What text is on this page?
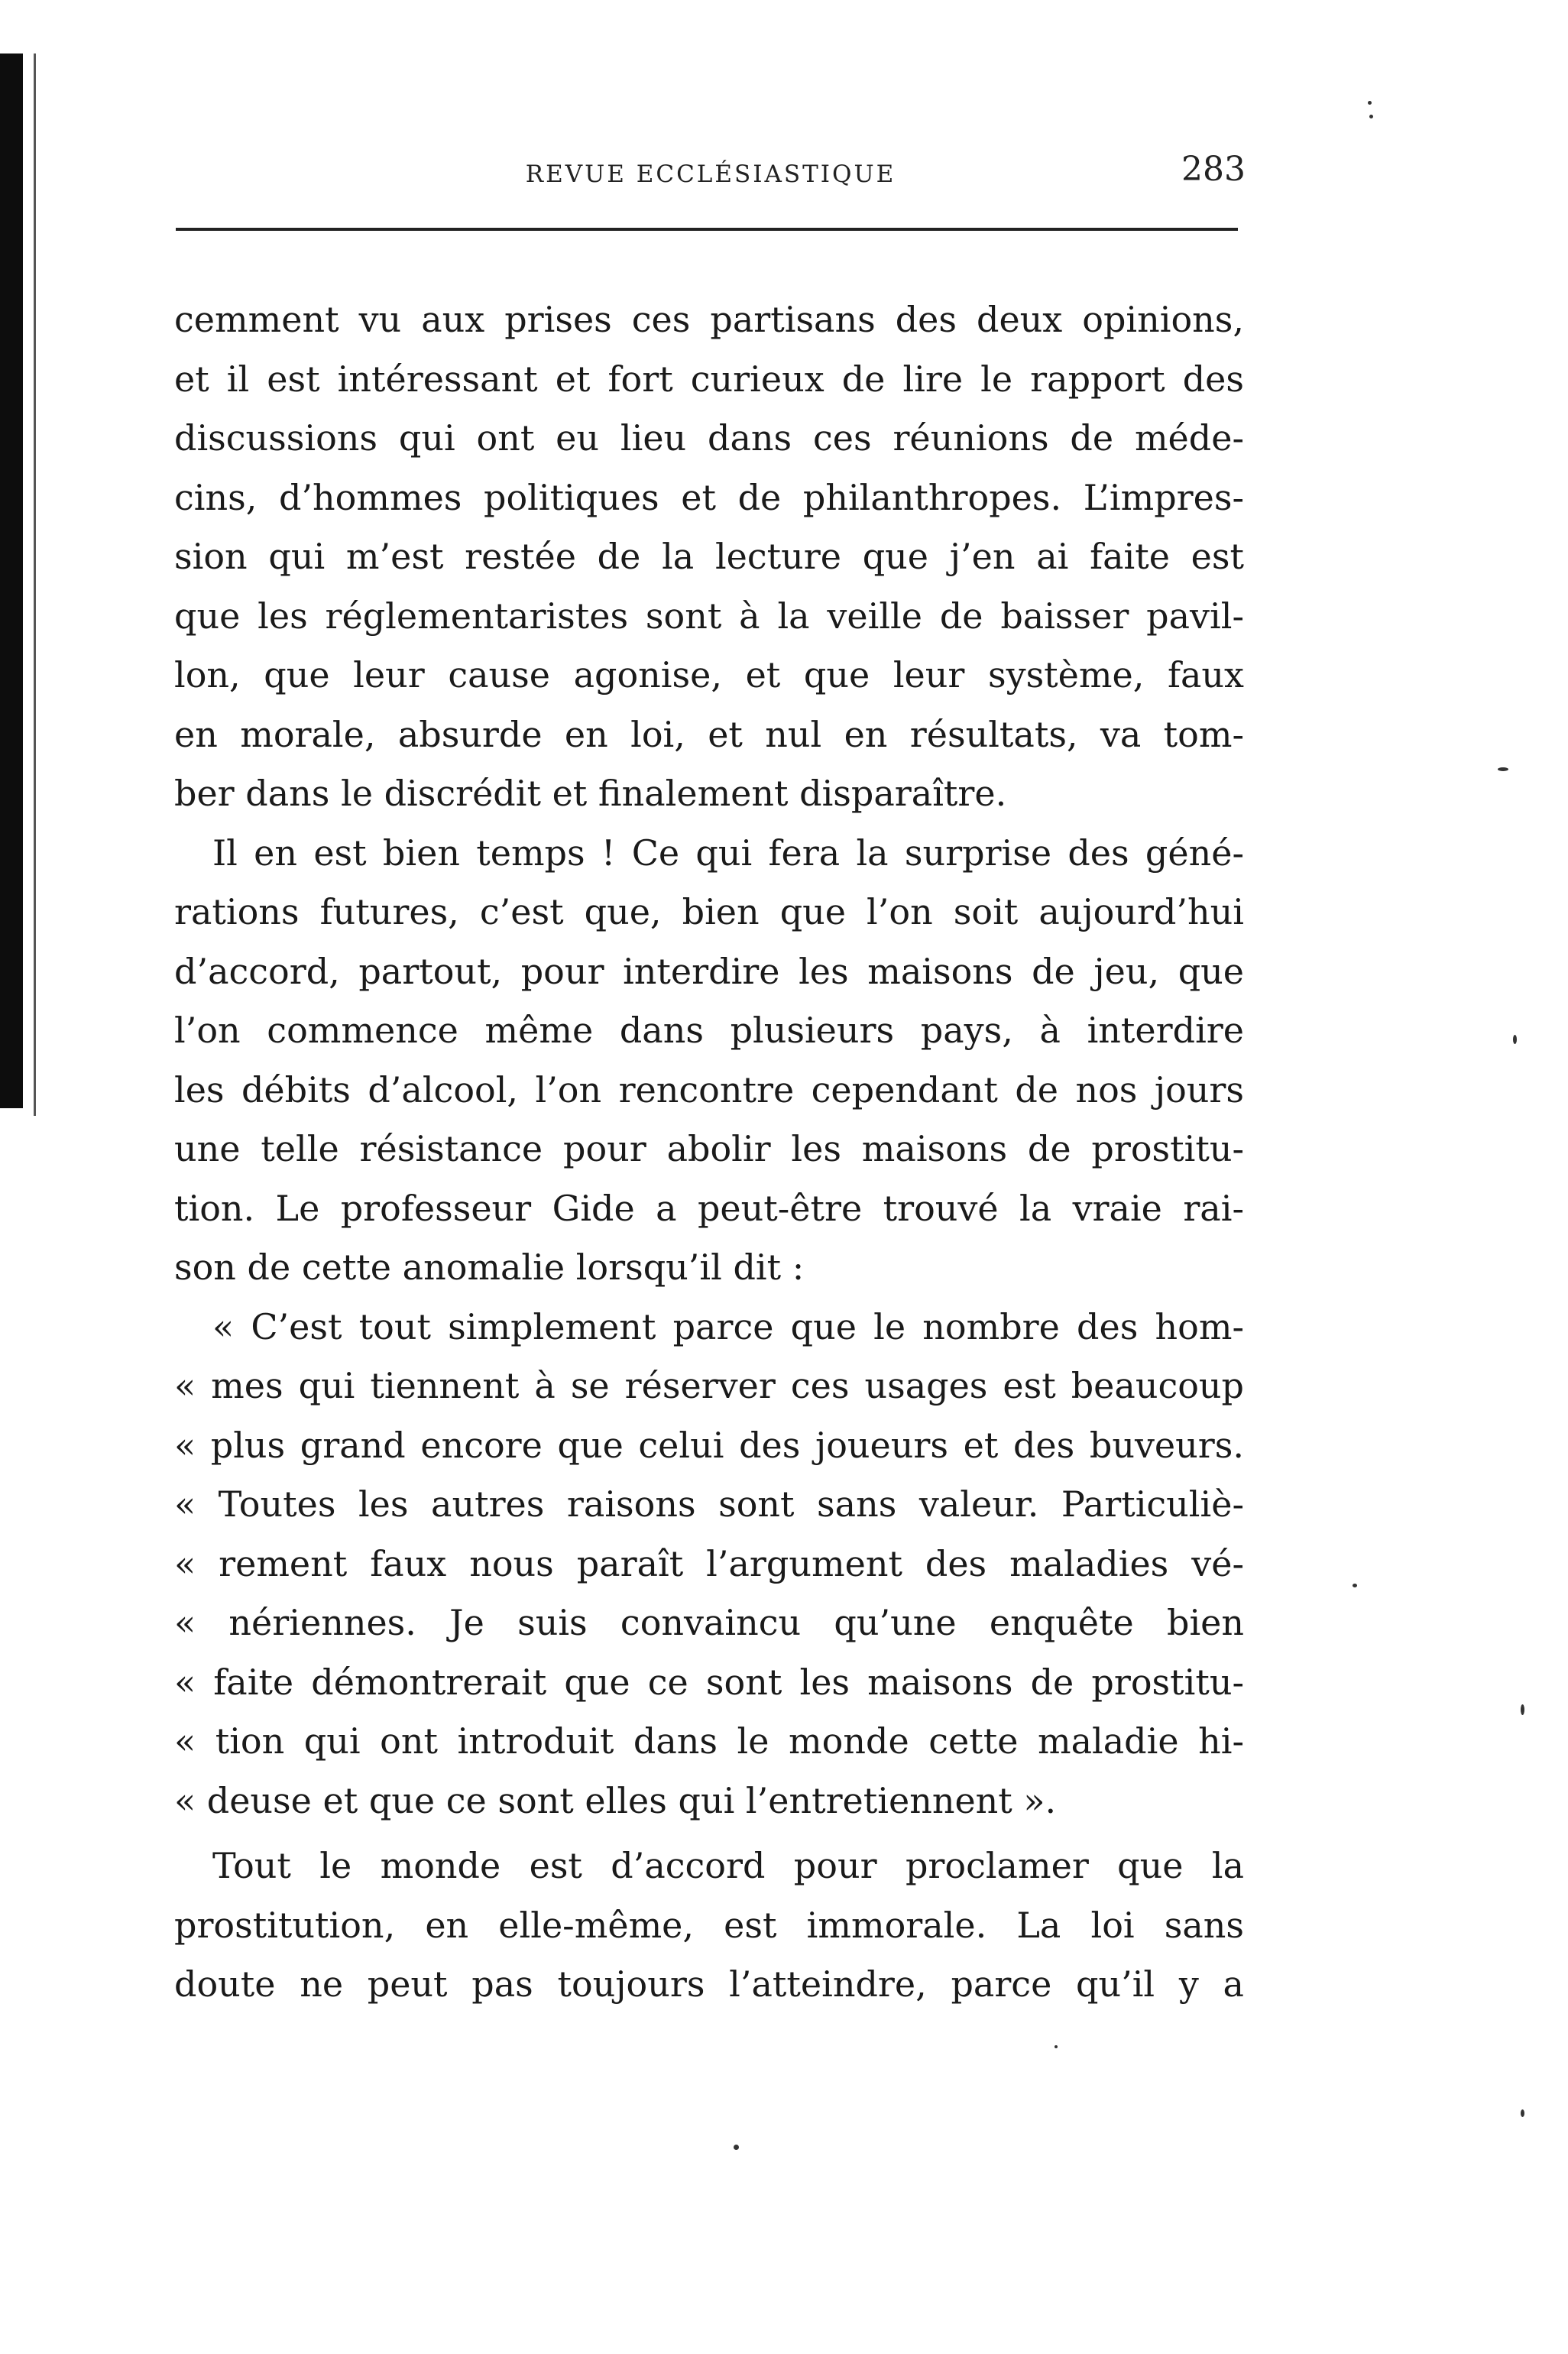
REVUE ECCLÉSIASTIQUE	283
cemment vu aux prises ces partisans des deux opinions,
et il est intéressant et fort curieux de lire le rapport des
discussions qui ont eu lieu dans ces réunions de méde-
cins, d’hommes politiques et de philanthropes. L’impres-
sion qui m’est restée de la lecture que j’en ai faite est
que les réglementaristes sont à la veille de baisser pavil-
lon, que leur cause agonise, et que leur système, faux
en morale, absurde en loi, et nul en résultats, va tom-
ber dans le discrédit et finalement disparaître.
Il en est bien temps ! Ce qui fera la surprise des géné-
rations futures, c’est que, bien que l’on soit aujourd’hui
d’accord, partout, pour interdire les maisons de jeu, que
l’on commence même dans plusieurs pays, à interdire
les débits d’alcool, l’on rencontre cependant de nos jours
une telle résistance pour abolir les maisons de prostitu-
tion. Le professeur Gide a peut-être trouvé la vraie rai-
son de cette anomalie lorsqu’il dit :
« C’est tout simplement parce que le nombre des hom-
« mes qui tiennent à se réserver ces usages est beaucoup
« plus grand encore que celui des joueurs et des buveurs.
« Toutes les autres raisons sont sans valeur. Particuliè-
« rement faux nous paraît l’argument des maladies vé-
« nériennes. Je suis convaincu qu’une enquête bien
« faite démontrerait que ce sont les maisons de prostitu-
« tion qui ont introduit dans le monde cette maladie hi-
« deuse et que ce sont elles qui l’entretiennent ».
Tout le monde est d’accord pour proclamer que la
prostitution, en elle-même, est immorale. La loi sans
doute ne peut pas toujours l’atteindre, parce qu’il y a
